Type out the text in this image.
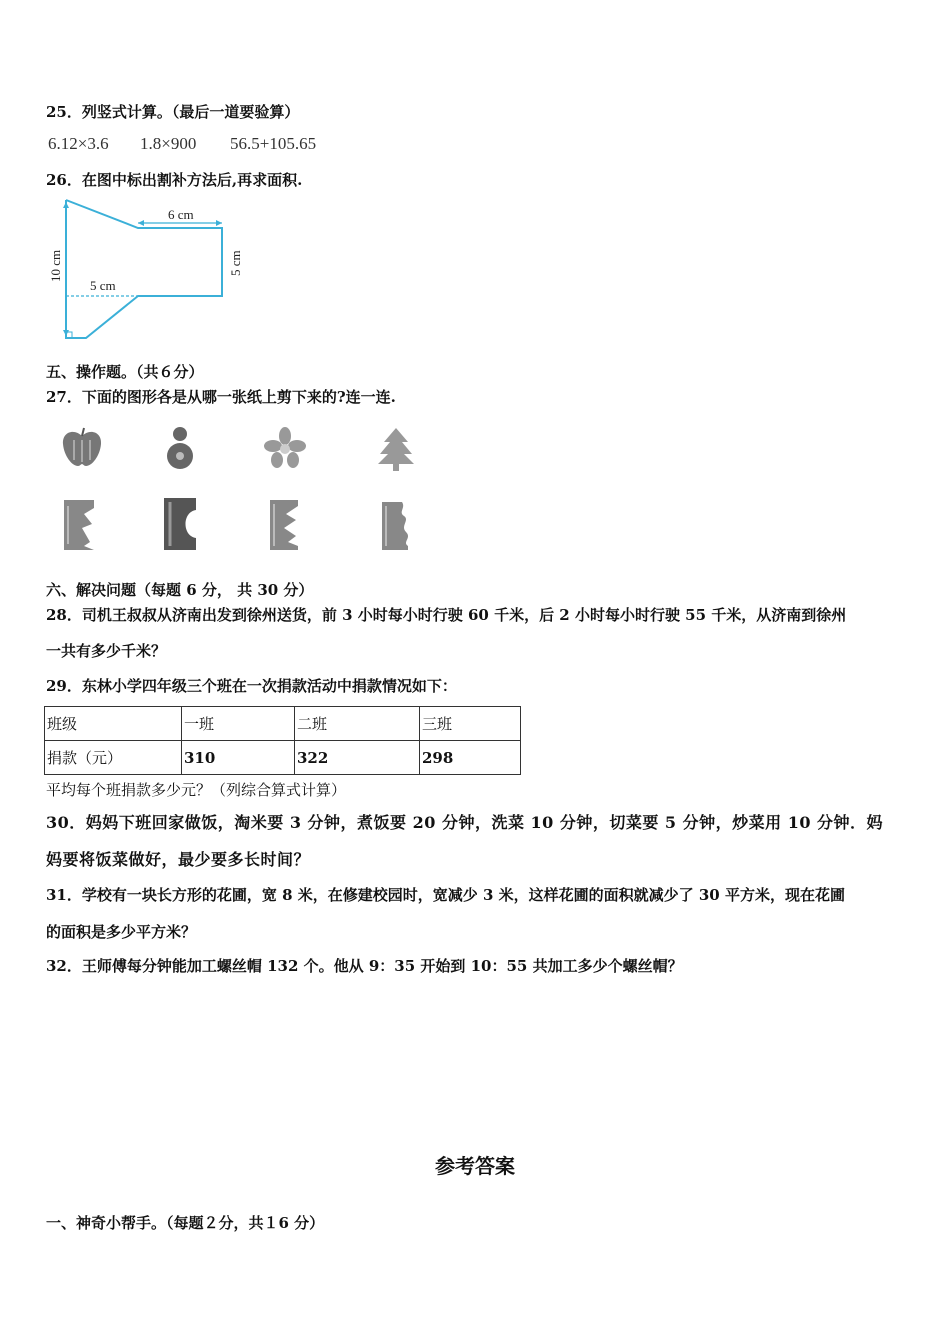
25．列竖式计算。（最后一道要验算）
6.12×3.6 1.8×900 56.5+105.65
26．在图中标出割补方法后,再求面积.
6 cm
5 cm
5 cm
10 cm
五、操作题。（共６分）
27．下面的图形各是从哪一张纸上剪下来的?连一连.
六、解决问题（每题 6 分， 共 30 分）
28．司机王叔叔从济南出发到徐州送货，前 3 小时每小时行驶 60 千米，后 2 小时每小时行驶 55 千米，从济南到徐州
一共有多少千米？
29．东林小学四年级三个班在一次捐款活动中捐款情况如下：
班级	一班	二班	三班
捐款（元）	310	322	298
平均每个班捐款多少元？（列综合算式计算）
30．妈妈下班回家做饭，淘米要 3 分钟，煮饭要 20 分钟，洗菜 10 分钟，切菜要 5 分钟，炒菜用 10 分钟．妈
妈要将饭菜做好，最少要多长时间？
31．学校有一块长方形的花圃，宽 8 米，在修建校园时，宽减少 3 米，这样花圃的面积就减少了 30 平方米，现在花圃
的面积是多少平方米？
32．王师傅每分钟能加工螺丝帽 132 个。他从 9：35 开始到 10：55 共加工多少个螺丝帽？
参考答案
一、神奇小帮手。（每题２分，共１6 分）
